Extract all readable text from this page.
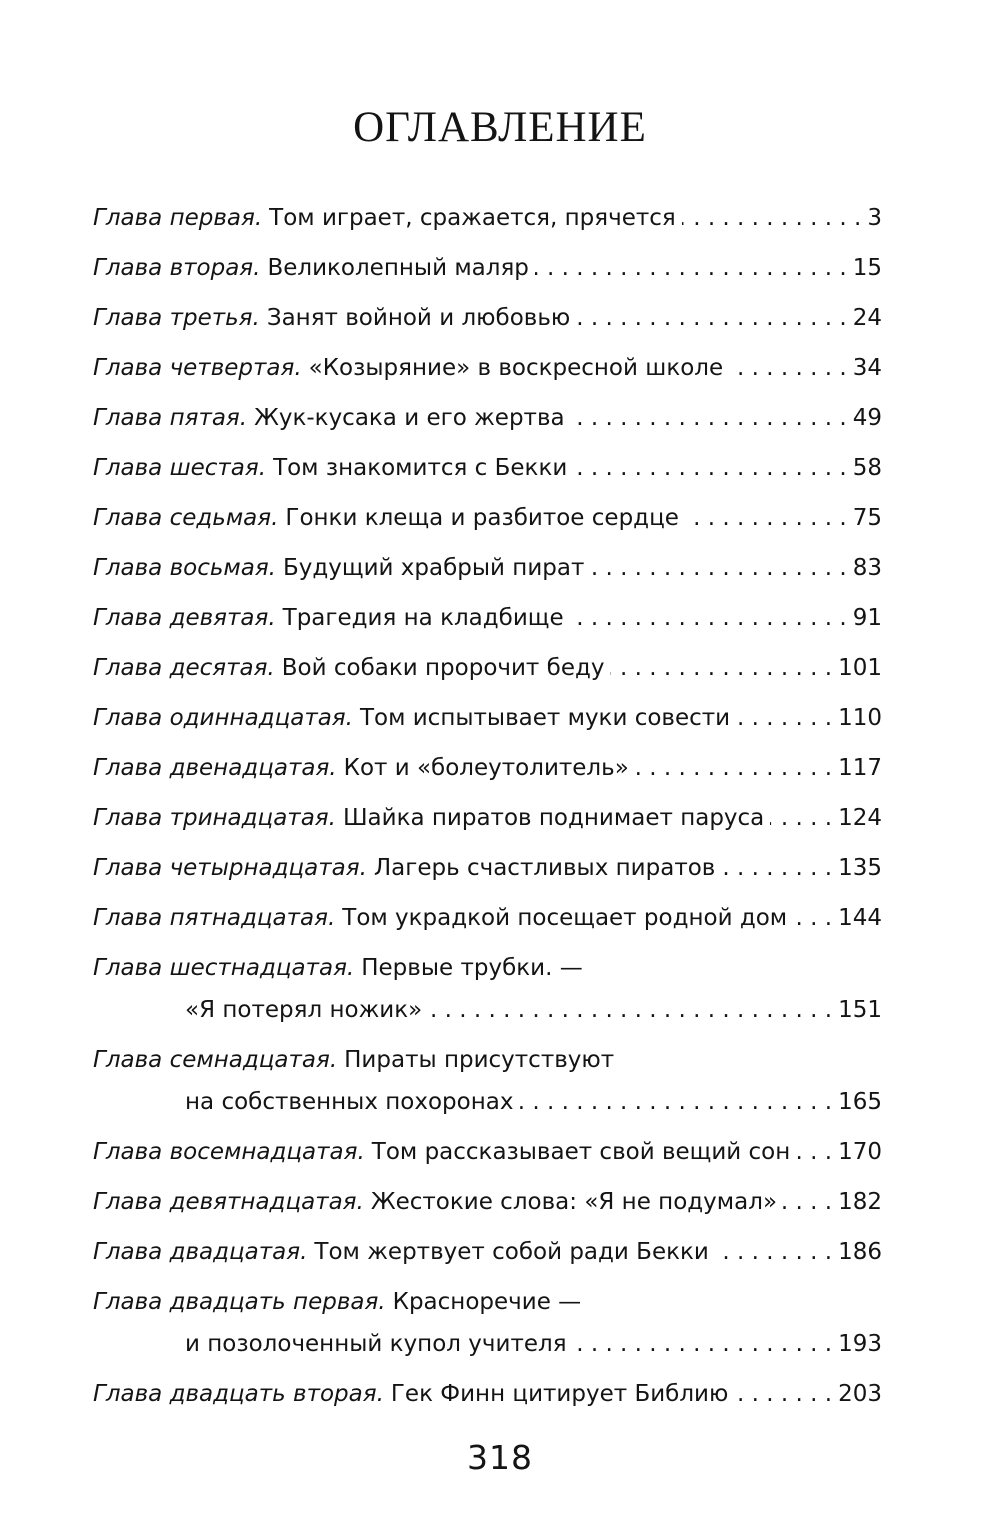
ОГЛАВЛЕНИЕ
Глава первая. Том играет, сражается, прячется . . .	3
Глава вторая. Великолепный маляр . . .	15
Глава третья. Занят войной и любовью . . .	24
Глава четвертая. «Козыряние» в воскресной школе . . .	34
Глава пятая. Жук-кусака и его жертва . . .	49
Глава шестая. Том знакомится с Бекки . . .	58
Глава седьмая. Гонки клеща и разбитое сердце . . .	75
Глава восьмая. Будущий храбрый пират . . .	83
Глава девятая. Трагедия на кладбище . . .	91
Глава десятая. Вой собаки пророчит беду . . .	101
Глава одиннадцатая. Том испытывает муки совести . . .	110
Глава двенадцатая. Кот и «болеутолитель» . . .	117
Глава тринадцатая. Шайка пиратов поднимает паруса . . .	124
Глава четырнадцатая. Лагерь счастливых пиратов . . .	135
Глава пятнадцатая. Том украдкой посещает родной дом . . . 144
Глава шестнадцатая. Первые трубки. —
«Я потерял ножик» . . .	151
Глава семнадцатая. Пираты присутствуют
на собственных похоронах . . .	165
Глава восемнадцатая. Том рассказывает свой вещий сон . . . 170
Глава девятнадцатая. Жестокие слова: «Я не подумал» . . .	182
Глава двадцатая. Том жертвует собой ради Бекки . . .	186
Глава двадцать первая. Красноречие —
и позолоченный купол учителя . . .	193
Глава двадцать вторая. Гек Финн цитирует Библию . . .	203
318
